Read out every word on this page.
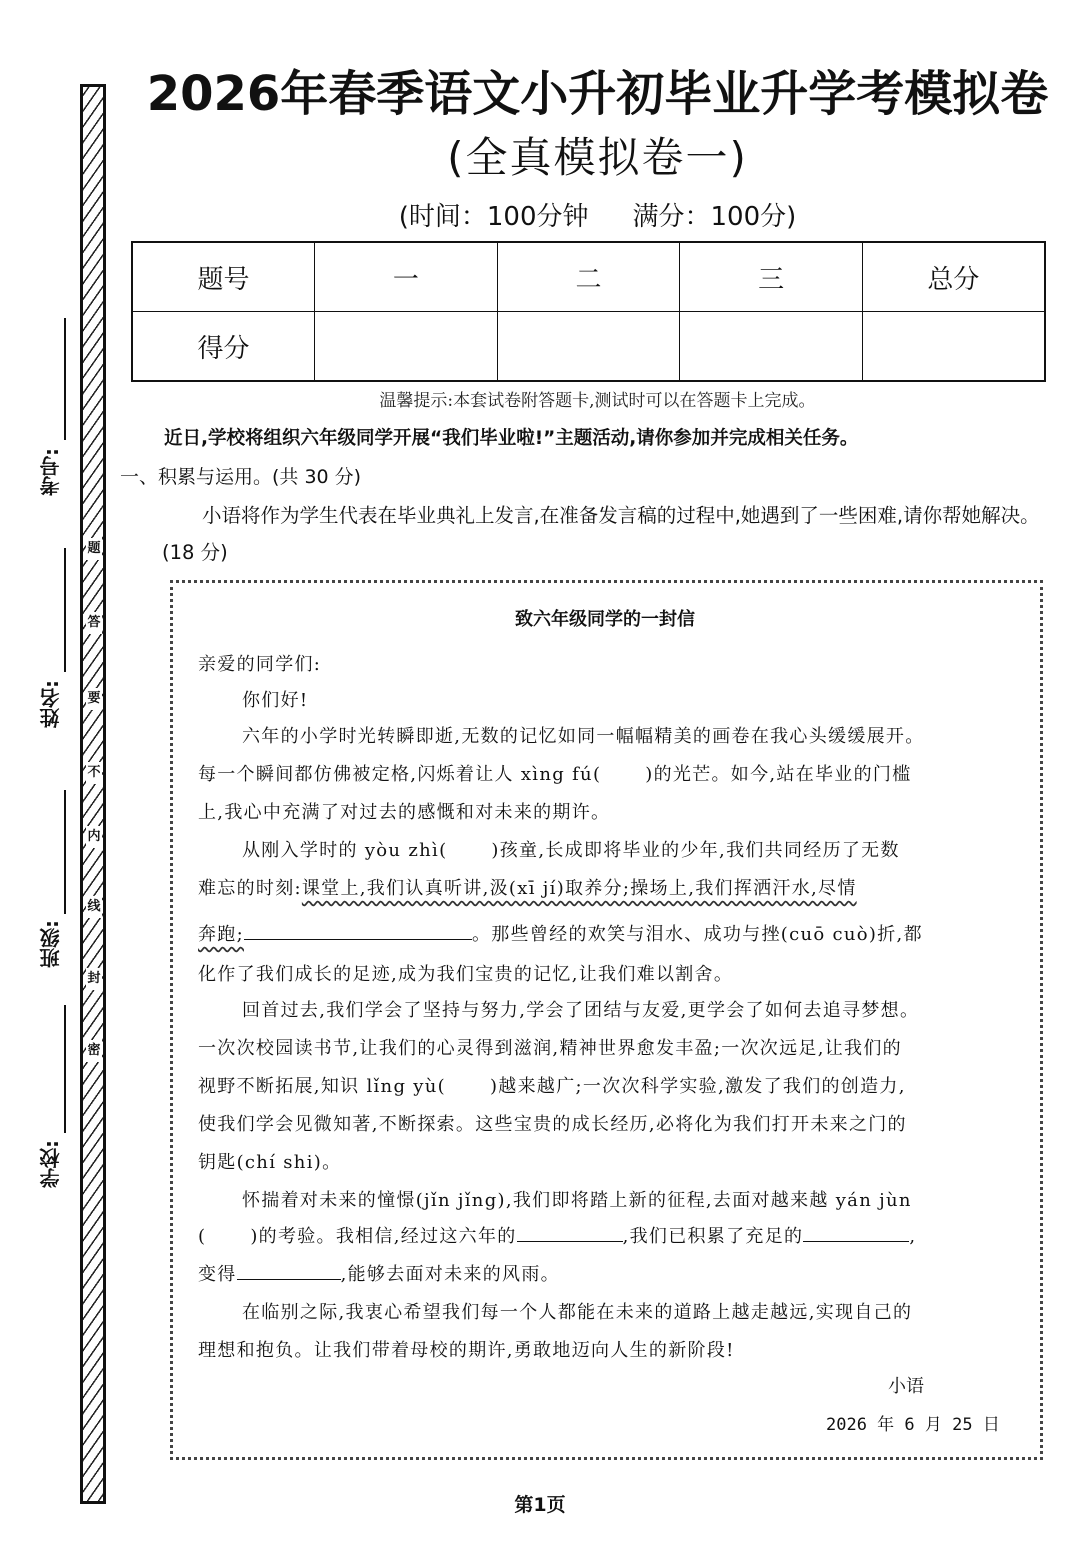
题
答
要
不
内
线
封
密
考号:
姓名:
班级:
学校:
2026年春季语文小升初毕业升学考模拟卷
(全真模拟卷一)
(时间：100分钟 满分：100分)
题号	一	二	三	总分
得分				
温馨提示:本套试卷附答题卡,测试时可以在答题卡上完成。
近日,学校将组织六年级同学开展“我们毕业啦!”主题活动,请你参加并完成相关任务。
一、积累与运用。(共 30 分)
小语将作为学生代表在毕业典礼上发言,在准备发言稿的过程中,她遇到了一些困难,请你帮她解决。(18 分)
致六年级同学的一封信
亲爱的同学们:
你们好!
六年的小学时光转瞬即逝,无数的记忆如同一幅幅精美的画卷在我心头缓缓展开。
每一个瞬间都仿佛被定格,闪烁着让人 xìng fú( )的光芒。如今,站在毕业的门槛
上,我心中充满了对过去的感慨和对未来的期许。
从刚入学时的 yòu zhì( )孩童,长成即将毕业的少年,我们共同经历了无数
难忘的时刻:课堂上,我们认真听讲,汲(xī jí)取养分;操场上,我们挥洒汗水,尽情
奔跑;	。那些曾经的欢笑与泪水、成功与挫(cuō cuò)折,都
化作了我们成长的足迹,成为我们宝贵的记忆,让我们难以割舍。
回首过去,我们学会了坚持与努力,学会了团结与友爱,更学会了如何去追寻梦想。
一次次校园读书节,让我们的心灵得到滋润,精神世界愈发丰盈;一次次远足,让我们的
视野不断拓展,知识 lǐng yù( )越来越广;一次次科学实验,激发了我们的创造力,
使我们学会见微知著,不断探索。这些宝贵的成长经历,必将化为我们打开未来之门的
钥匙(chí shi)。
怀揣着对未来的憧憬(jǐn jǐng),我们即将踏上新的征程,去面对越来越 yán jùn
( )的考验。我相信,经过这六年的	,我们已积累了充足的	,
变得	,能够去面对未来的风雨。
在临别之际,我衷心希望我们每一个人都能在未来的道路上越走越远,实现自己的
理想和抱负。让我们带着母校的期许,勇敢地迈向人生的新阶段!
小语
2026 年 6 月 25 日
第1页
